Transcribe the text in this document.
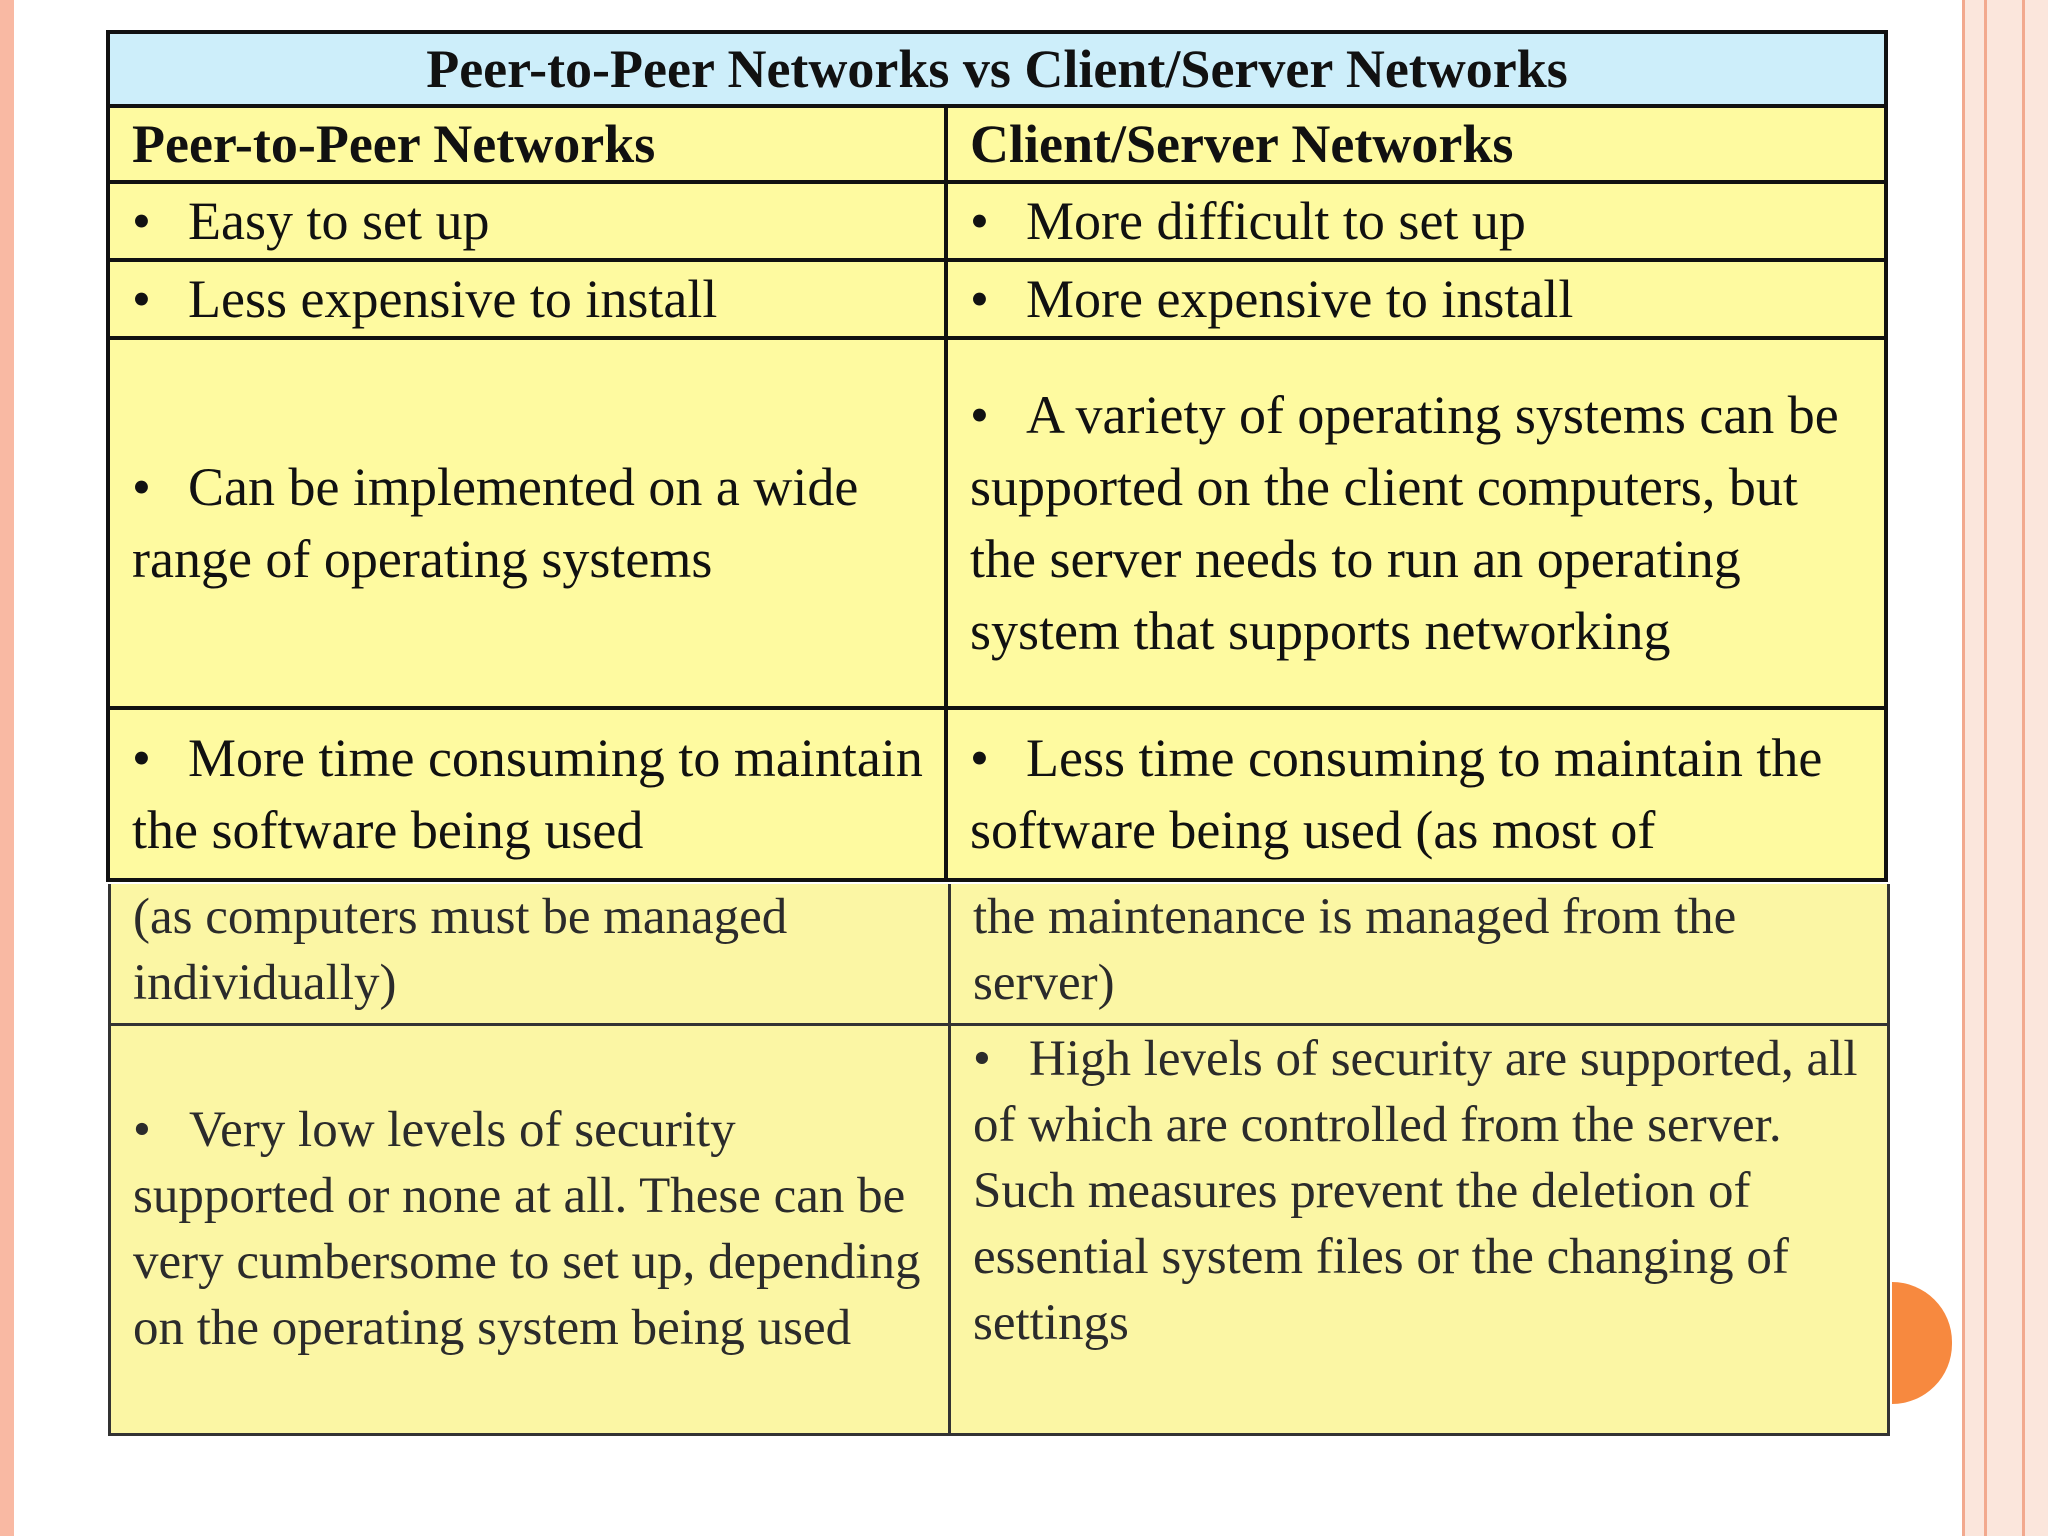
Peer-to-Peer Networks vs Client/Server Networks	
Peer-to-Peer Networks	Client/Server Networks
• Easy to set up	• More difficult to set up
• Less expensive to install	• More expensive to install
• Can be implemented on a wide range of operating systems	• A variety of operating systems can be supported on the client computers, but the server needs to run an operating system that supports networking
• More time consuming to maintain the software being used	• Less time consuming to maintain the software being used (as most of
(as computers must be managed individually)	the maintenance is managed from the server)
• Very low levels of security supported or none at all. These can be very cumbersome to set up, depending on the operating system being used	• High levels of security are supported, all of which are controlled from the server. Such measures prevent the deletion of essential system files or the changing of settings
